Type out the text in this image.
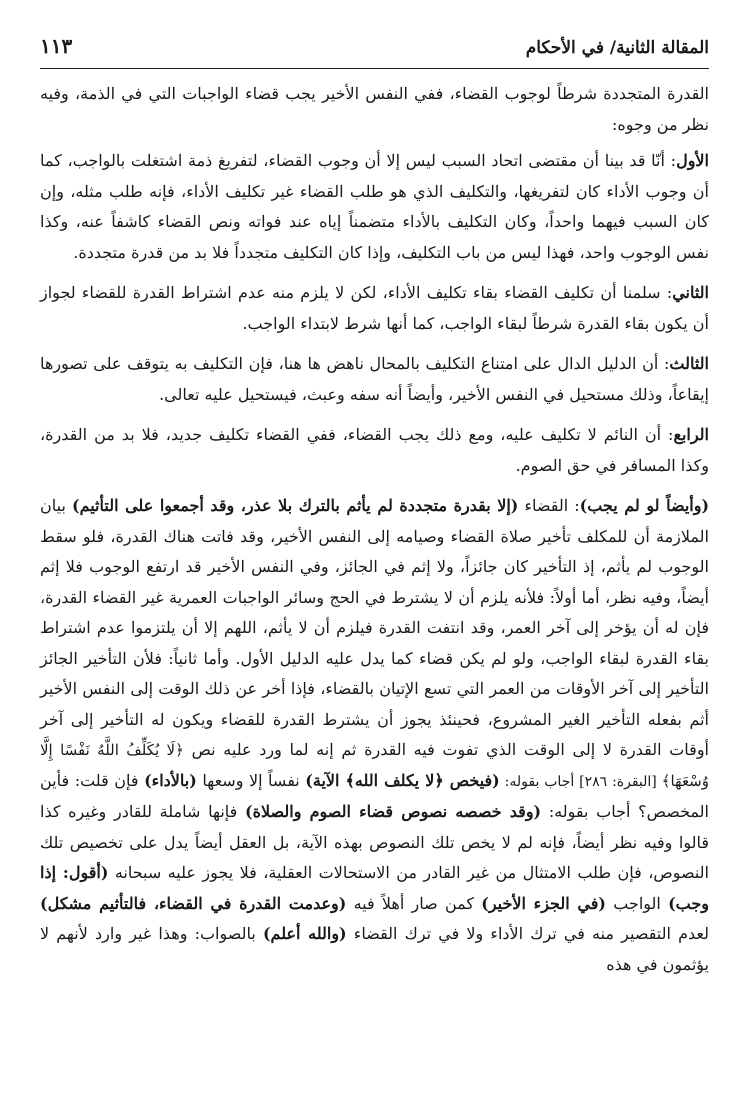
المقالة الثانية/ في الأحكام
١١٣

القدرة المتجددة شرطاً لوجوب القضاء، ففي النفس الأخير يجب قضاء الواجبات التي في الذمة، وفيه نظر من وجوه:

الأول: أنّا قد بينا أن مقتضى اتحاد السبب ليس إلا أن وجوب القضاء، لتفريغ ذمة اشتغلت بالواجب، كما أن وجوب الأداء كان لتفريغها، والتكليف الذي هو طلب القضاء غير تكليف الأداء، فإنه طلب مثله، وإن كان السبب فيهما واحداً، وكان التكليف بالأداء متضمناً إياه عند فواته ونص القضاء كاشفاً عنه، وكذا نفس الوجوب واحد، فهذا ليس من باب التكليف، وإذا كان التكليف متجدداً فلا بد من قدرة متجددة.

الثاني: سلمنا أن تكليف القضاء بقاء تكليف الأداء، لكن لا يلزم منه عدم اشتراط القدرة للقضاء لجواز أن يكون بقاء القدرة شرطاً لبقاء الواجب، كما أنها شرط لابتداء الواجب.

الثالث: أن الدليل الدال على امتناع التكليف بالمحال ناهض ها هنا، فإن التكليف به يتوقف على تصورها إيقاعاً، وذلك مستحيل في النفس الأخير، وأيضاً أنه سفه وعبث، فيستحيل عليه تعالى.

الرابع: أن النائم لا تكليف عليه، ومع ذلك يجب القضاء، ففي القضاء تكليف جديد، فلا بد من القدرة، وكذا المسافر في حق الصوم.

(وأيضاً لو لم يجب): القضاء (إلا بقدرة متجددة لم يأثم بالترك بلا عذر، وقد أجمعوا على التأثيم) بيان الملازمة أن للمكلف تأخير صلاة القضاء وصيامه إلى النفس الأخير، وقد فاتت هناك القدرة، فلو سقط الوجوب لم يأثم، إذ التأخير كان جائزاً، ولا إثم في الجائز، وفي النفس الأخير قد ارتفع الوجوب فلا إثم أيضاً، وفيه نظر، أما أولاً: فلأنه يلزم أن لا يشترط في الحج وسائر الواجبات العمرية غير القضاء القدرة، فإن له أن يؤخر إلى آخر العمر، وقد انتفت القدرة فيلزم أن لا يأثم، اللهم إلا أن يلتزموا عدم اشتراط بقاء القدرة لبقاء الواجب، ولو لم يكن قضاء كما يدل عليه الدليل الأول. وأما ثانياً: فلأن التأخير الجائز التأخير إلى آخر الأوقات من العمر التي تسع الإتيان بالقضاء، فإذا أخر عن ذلك الوقت إلى النفس الأخير أثم بفعله التأخير الغير المشروع، فحينئذ يجوز أن يشترط القدرة للقضاء ويكون له التأخير إلى آخر أوقات القدرة لا إلى الوقت الذي تفوت فيه القدرة ثم إنه لما ورد عليه نص ﴿لَا يُكَلِّفُ اللَّهُ نَفْسًا إِلَّا وُسْعَهَا﴾ [البقرة: ٢٨٦] أجاب بقوله: (فيخص ﴿لا يكلف الله﴾ الآية) نفساً إلا وسعها (بالأداء) فإن قلت: فأين المخصص؟ أجاب بقوله: (وقد خصصه نصوص قضاء الصوم والصلاة) فإنها شاملة للقادر وغيره كذا قالوا وفيه نظر أيضاً، فإنه لم لا يخص تلك النصوص بهذه الآية، بل العقل أيضاً يدل على تخصيص تلك النصوص، فإن طلب الامتثال من غير القادر من الاستحالات العقلية، فلا يجوز عليه سبحانه (أقول: إذا وجب) الواجب (في الجزء الأخير) كمن صار أهلاً فيه (وعدمت القدرة في القضاء، فالتأثيم مشكل) لعدم التقصير منه في ترك الأداء ولا في ترك القضاء (والله أعلم) بالصواب: وهذا غير وارد لأنهم لا يؤثمون في هذه
